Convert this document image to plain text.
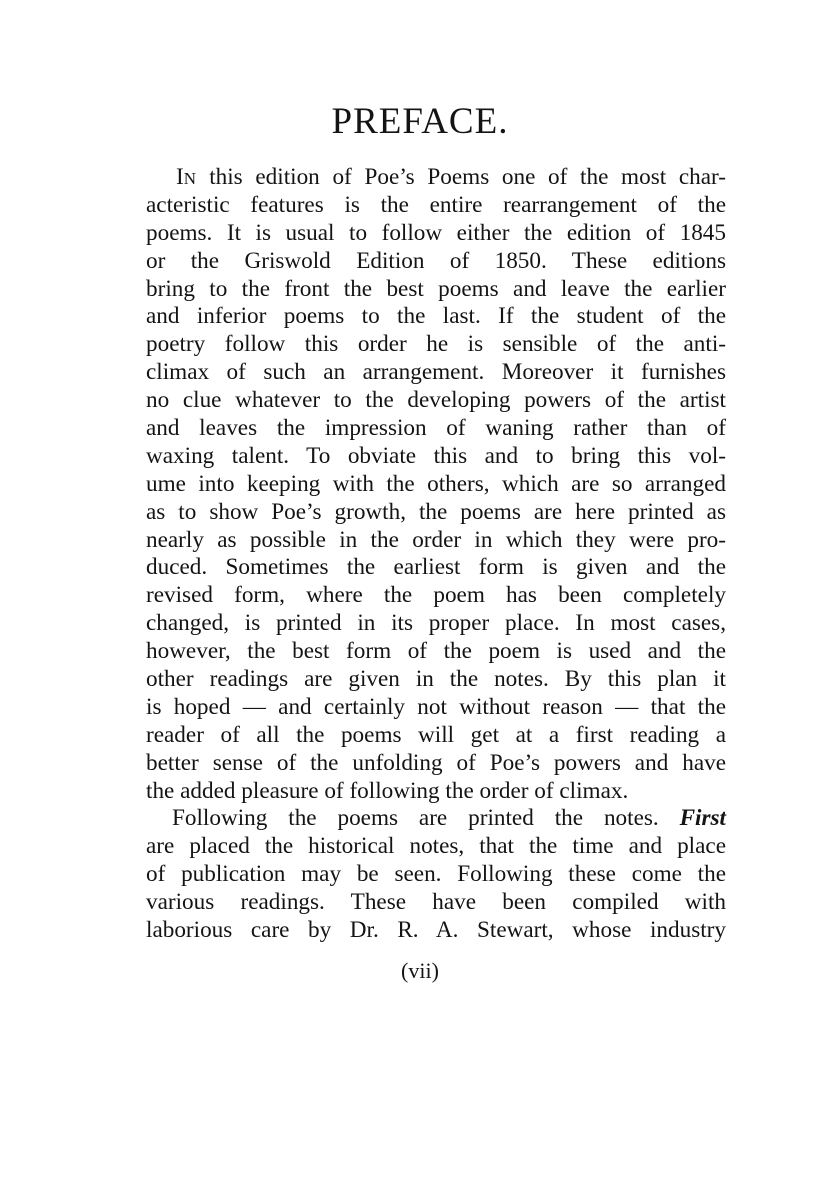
PREFACE.
IN this edition of Poe’s Poems one of the most char-
acteristic features is the entire rearrangement of the
poems. It is usual to follow either the edition of 1845
or the Griswold Edition of 1850. These editions
bring to the front the best poems and leave the earlier
and inferior poems to the last. If the student of the
poetry follow this order he is sensible of the anti-
climax of such an arrangement. Moreover it furnishes
no clue whatever to the developing powers of the artist
and leaves the impression of waning rather than of
waxing talent. To obviate this and to bring this vol-
ume into keeping with the others, which are so arranged
as to show Poe’s growth, the poems are here printed as
nearly as possible in the order in which they were pro-
duced. Sometimes the earliest form is given and the
revised form, where the poem has been completely
changed, is printed in its proper place. In most cases,
however, the best form of the poem is used and the
other readings are given in the notes. By this plan it
is hoped — and certainly not without reason — that the
reader of all the poems will get at a first reading a
better sense of the unfolding of Poe’s powers and have
the added pleasure of following the order of climax.
Following the poems are printed the notes. First
are placed the historical notes, that the time and place
of publication may be seen. Following these come the
various readings. These have been compiled with
laborious care by Dr. R. A. Stewart, whose industry
(vii)
